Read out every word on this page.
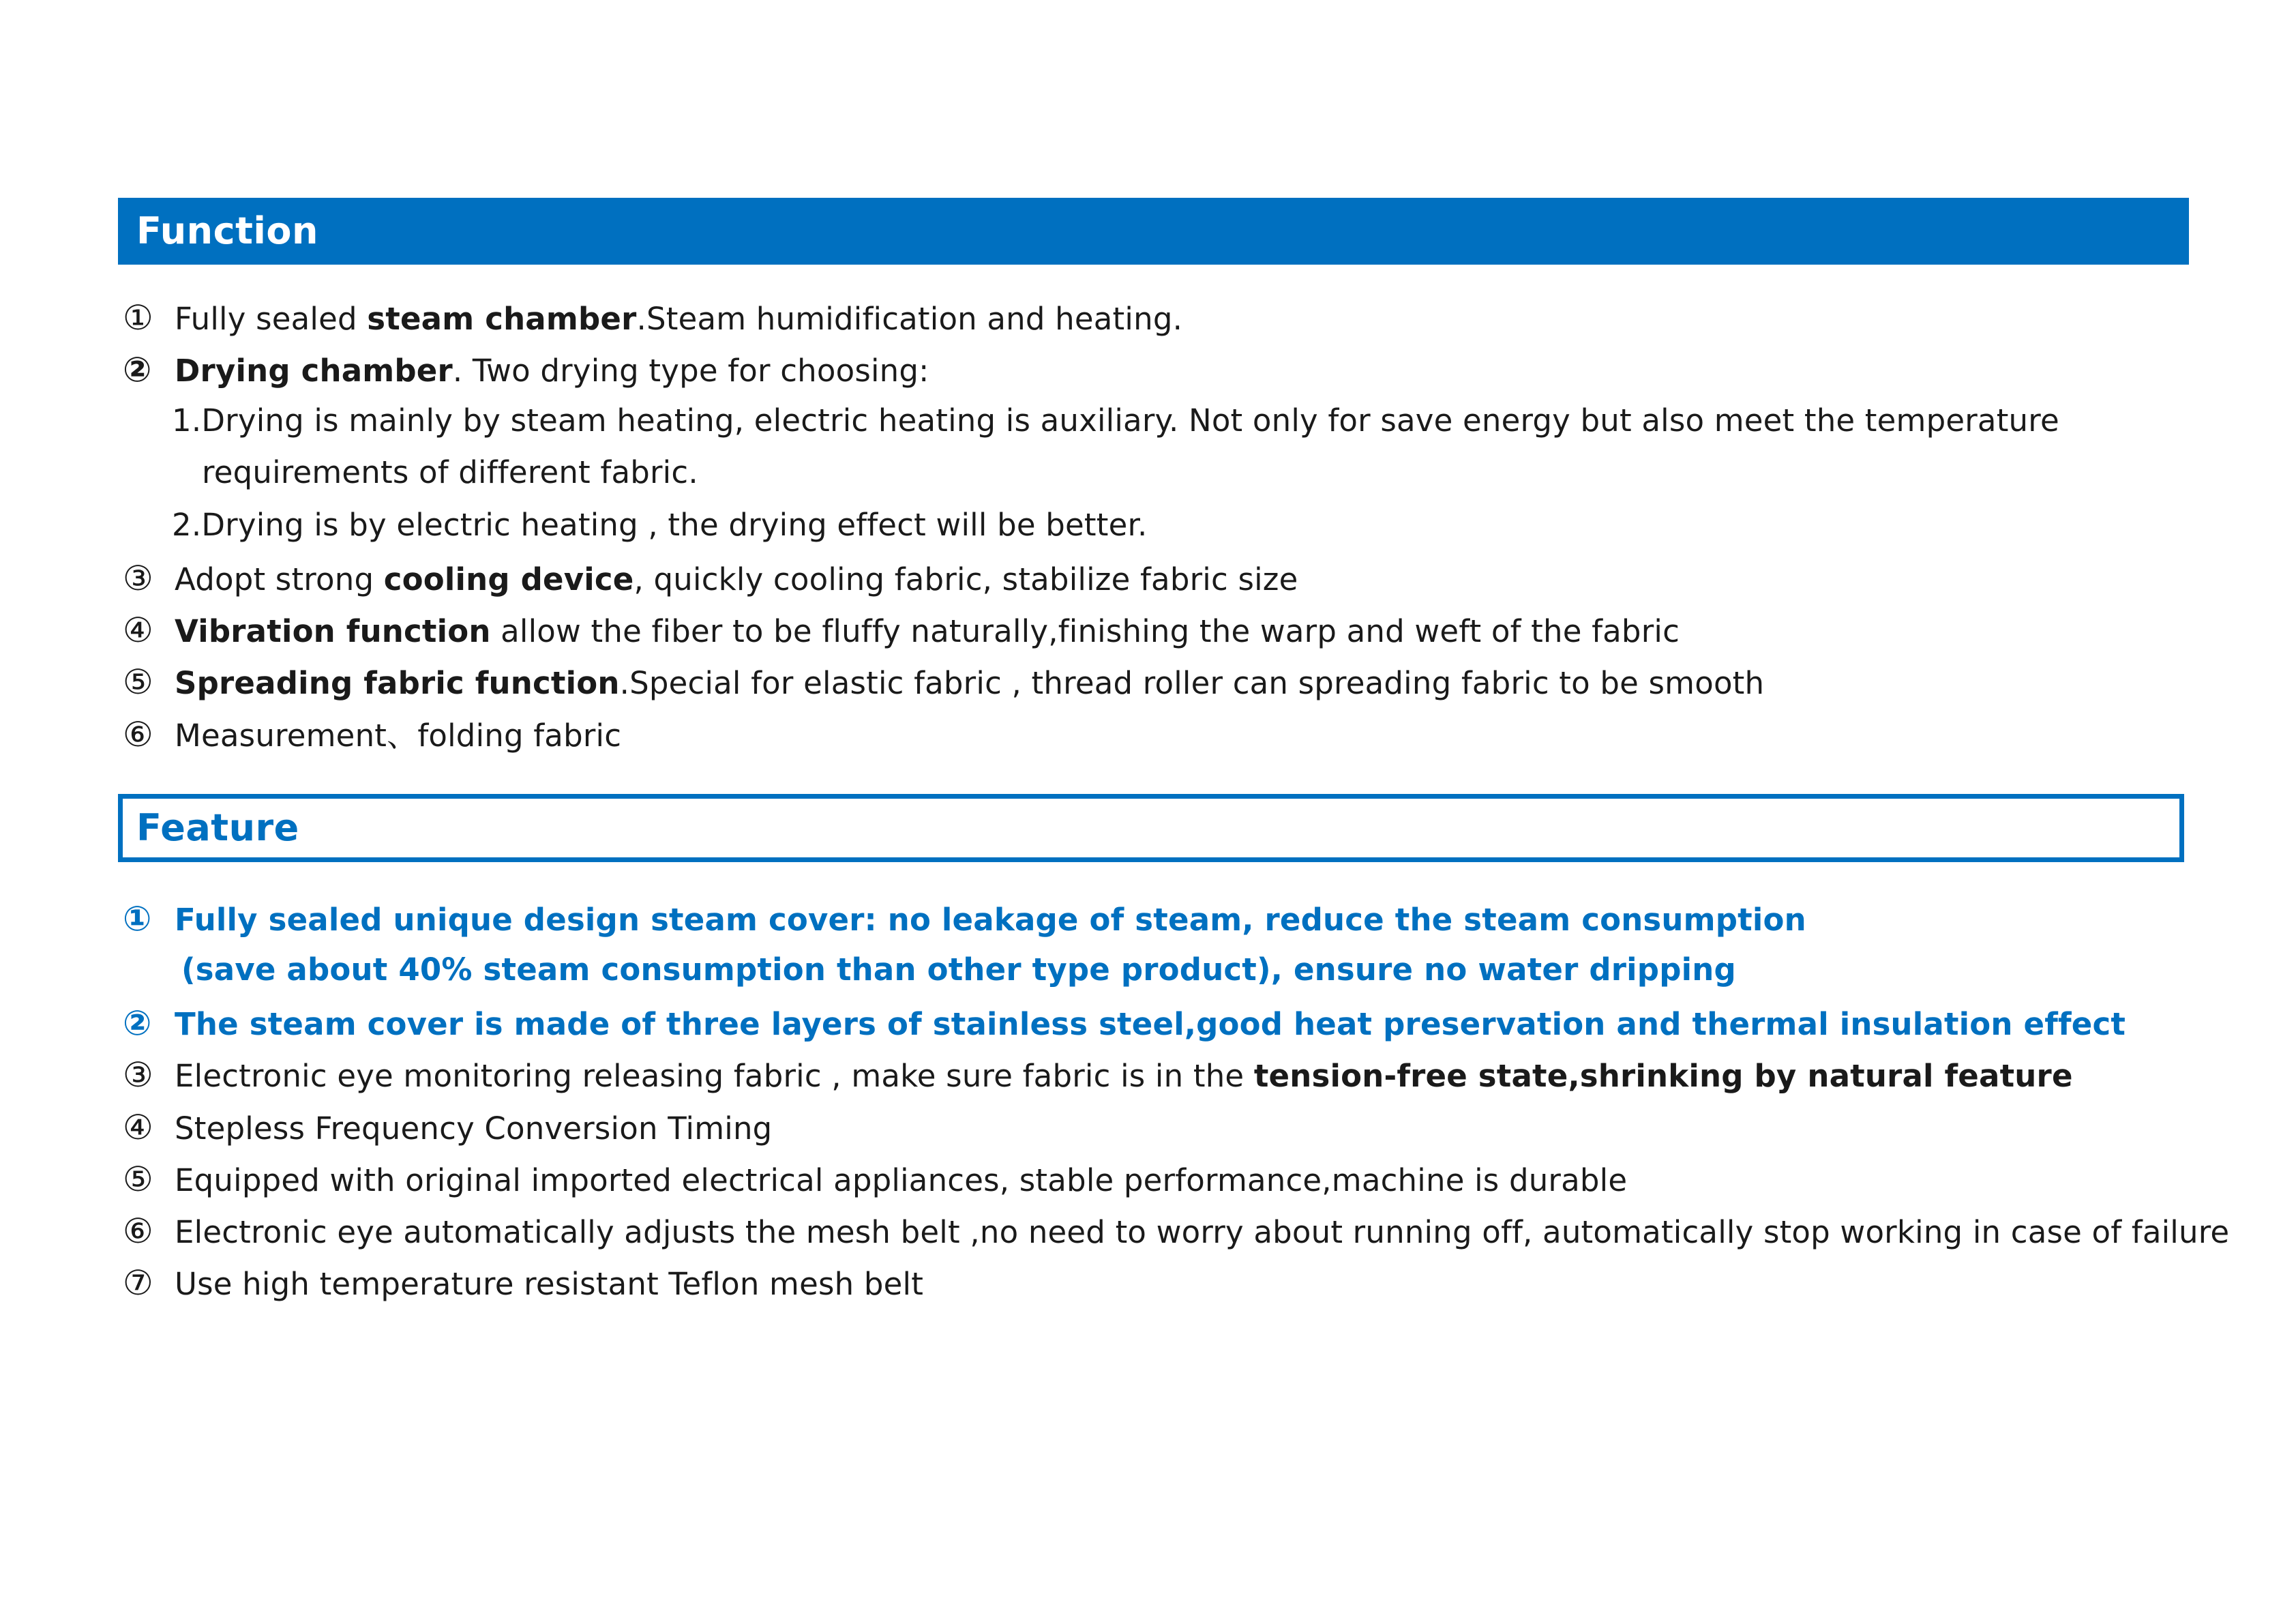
Function
① Fully sealed steam chamber.Steam humidification and heating.
② Drying chamber. Two drying type for choosing:
1.Drying is mainly by steam heating, electric heating is auxiliary. Not only for save energy but also meet the temperature
requirements of different fabric.
2.Drying is by electric heating , the drying effect will be better.
③ Adopt strong cooling device, quickly cooling fabric, stabilize fabric size
④ Vibration function allow the fiber to be fluffy naturally,finishing the warp and weft of the fabric
⑤ Spreading fabric function.Special for elastic fabric , thread roller can spreading fabric to be smooth
⑥ Measurement、folding fabric
Feature
① Fully sealed unique design steam cover: no leakage of steam, reduce the steam consumption
(save about 40% steam consumption than other type product), ensure no water dripping
② The steam cover is made of three layers of stainless steel,good heat preservation and thermal insulation effect
③ Electronic eye monitoring releasing fabric , make sure fabric is in the tension-free state,shrinking by natural feature
④ Stepless Frequency Conversion Timing
⑤ Equipped with original imported electrical appliances, stable performance,machine is durable
⑥ Electronic eye automatically adjusts the mesh belt ,no need to worry about running off, automatically stop working in case of failure
⑦ Use high temperature resistant Teflon mesh belt
